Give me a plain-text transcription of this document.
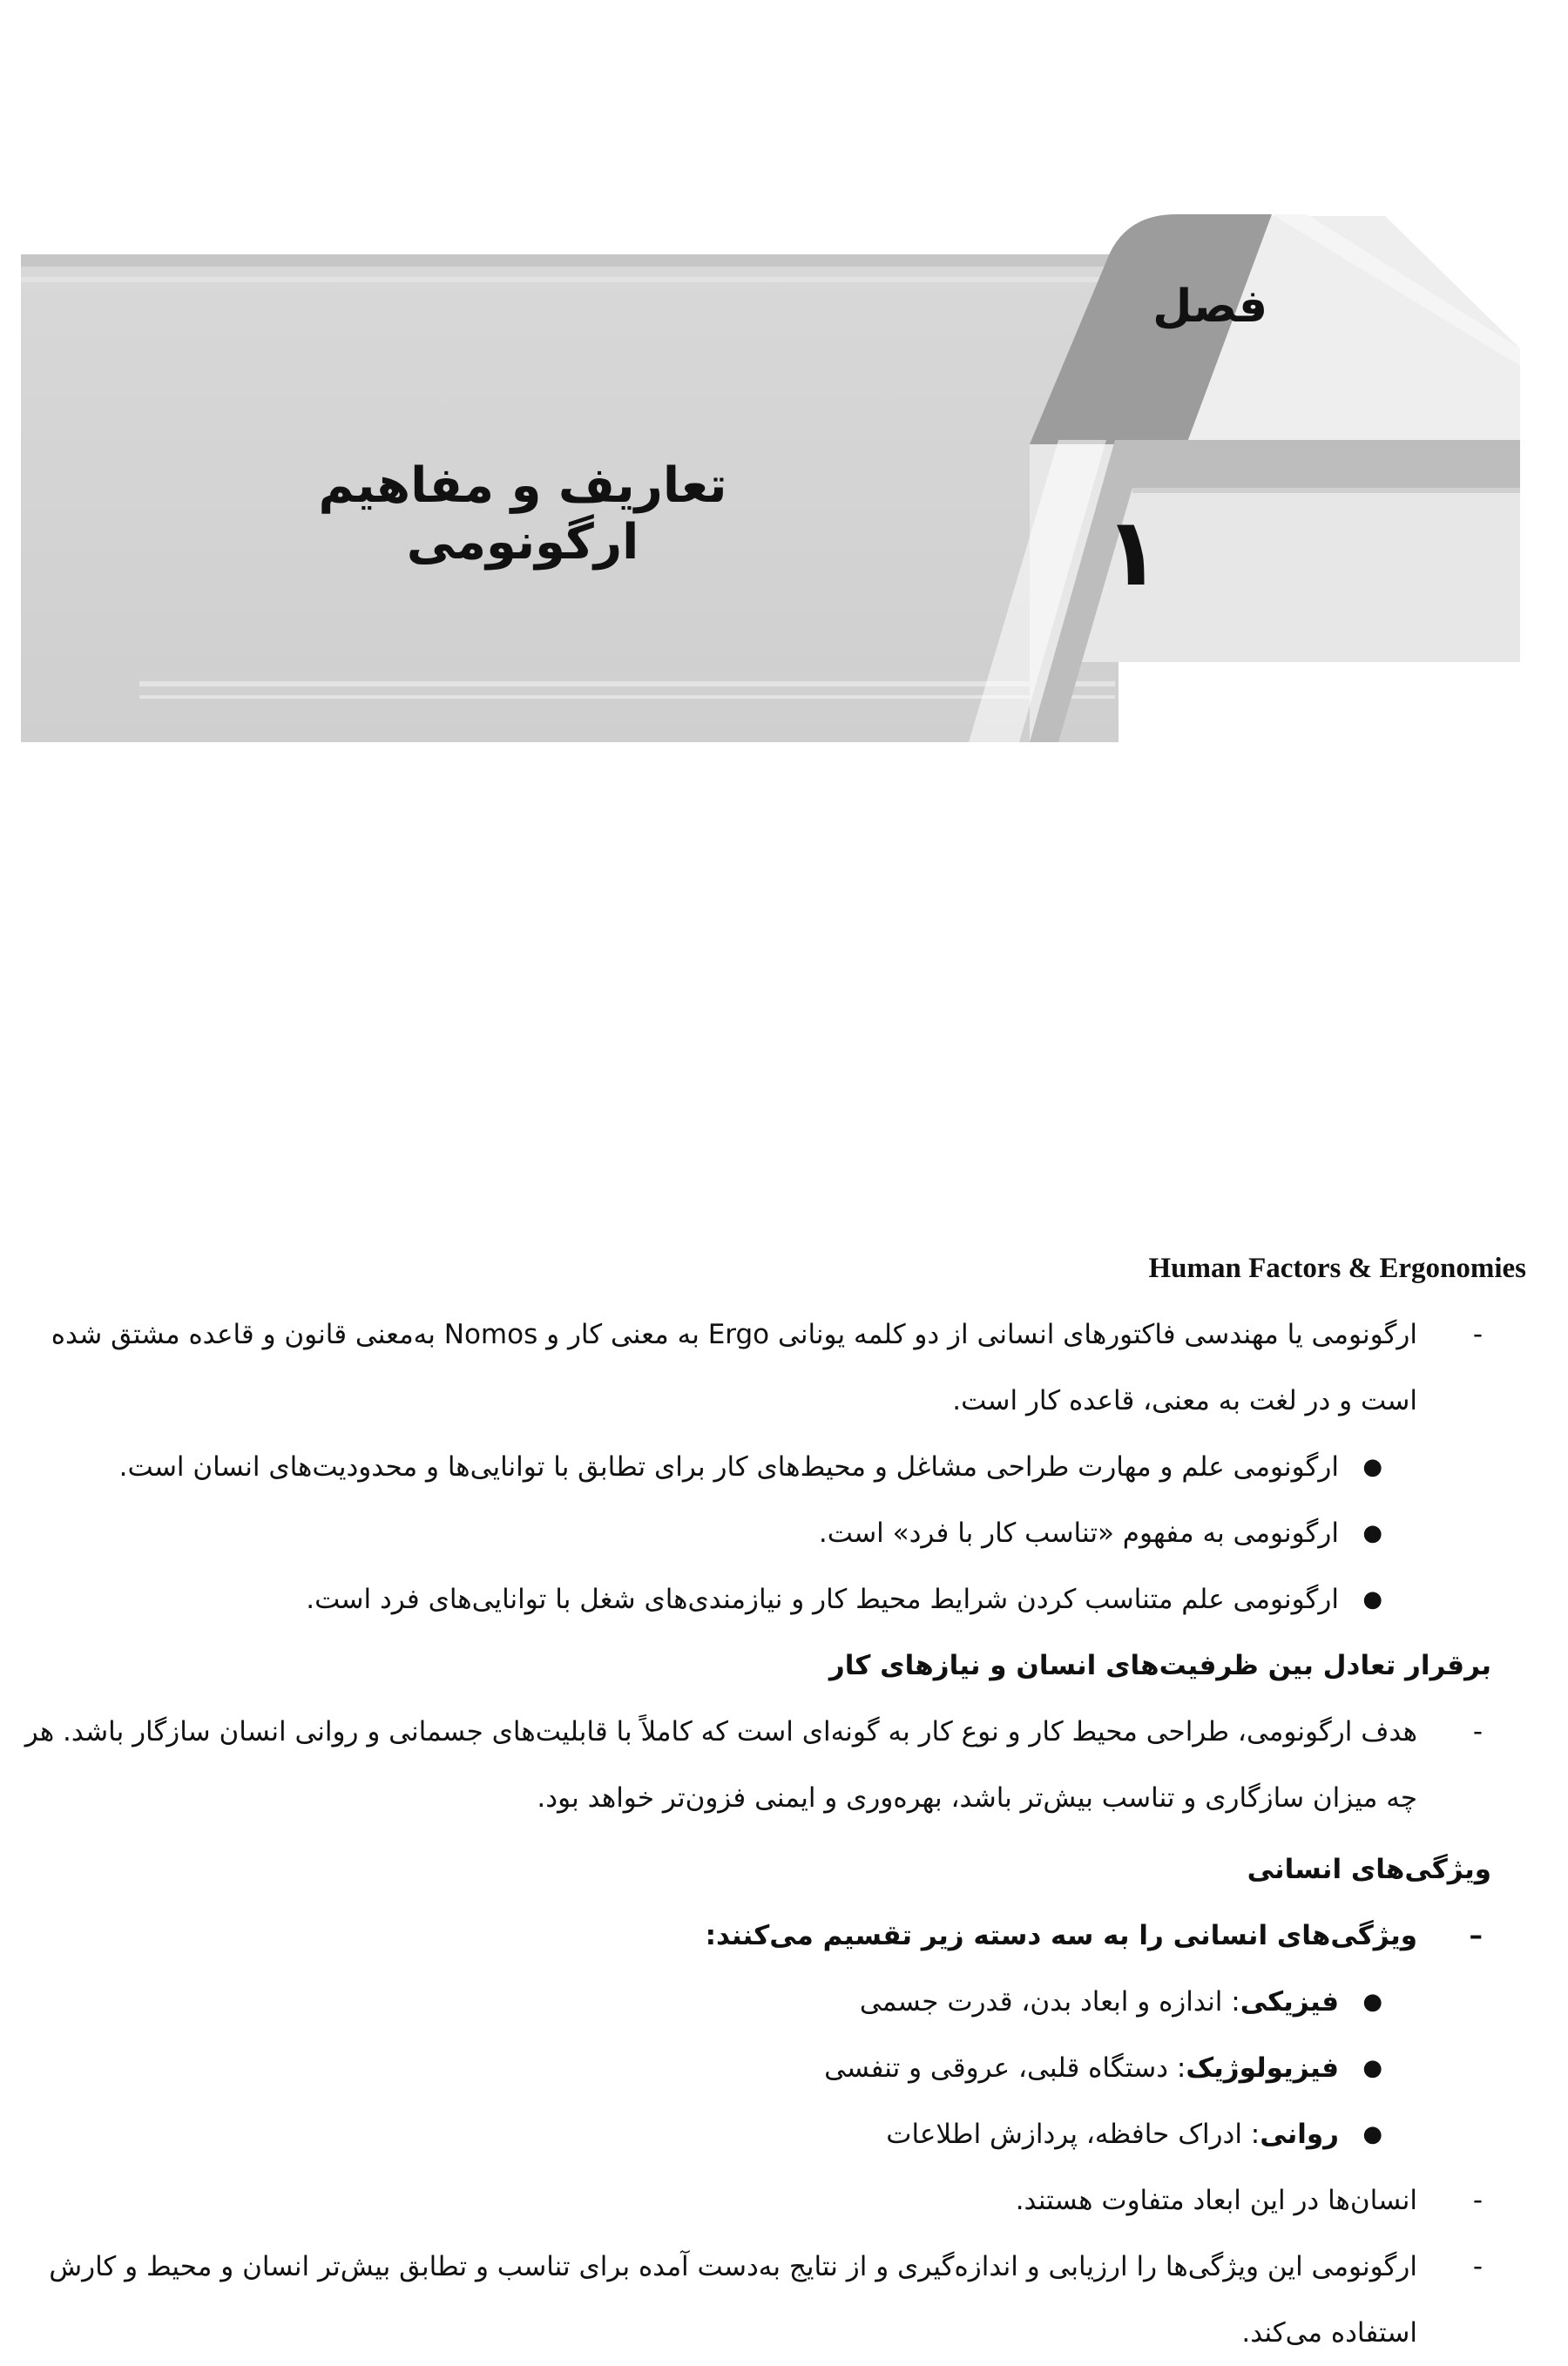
فصل
تعاریف و مفاهیم ارگونومی	۱
Human Factors & Ergonomies
-
ارگونومی یا مهندسی فاکتورهای انسانی از دو کلمه یونانی Ergo به معنی کار و Nomos به‌معنی قانون و قاعده مشتق شده است و در لغت به معنی، قاعده کار است.
●
ارگونومی علم و مهارت طراحی مشاغل و محیط‌های کار برای تطابق با توانایی‌ها و محدودیت‌های انسان است.
●
ارگونومی به مفهوم «تناسب کار با فرد» است.
●
ارگونومی علم متناسب کردن شرایط محیط کار و نیازمندی‌های شغل با توانایی‌های فرد است.
برقرار تعادل بین ظرفیت‌های انسان و نیازهای کار
-
هدف ارگونومی، طراحی محیط کار و نوع کار به گونه‌ای است که کاملاً با قابلیت‌های جسمانی و روانی انسان سازگار باشد. هر چه میزان سازگاری و تناسب بیش‌تر باشد، بهره‌وری و ایمنی فزون‌تر خواهد بود.
ویژگی‌های انسانی
–
ویژگی‌های انسانی را به سه دسته زیر تقسیم می‌کنند:
●
فیزیکی: اندازه و ابعاد بدن، قدرت جسمی
●
فیزیولوژیک: دستگاه قلبی، عروقی و تنفسی
●
روانی: ادراک حافظه، پردازش اطلاعات
-
انسان‌ها در این ابعاد متفاوت هستند.
-
ارگونومی این ویژگی‌ها را ارزیابی و اندازه‌گیری و از نتایج به‌دست آمده برای تناسب و تطابق بیش‌تر انسان و محیط و کارش استفاده می‌کند.
